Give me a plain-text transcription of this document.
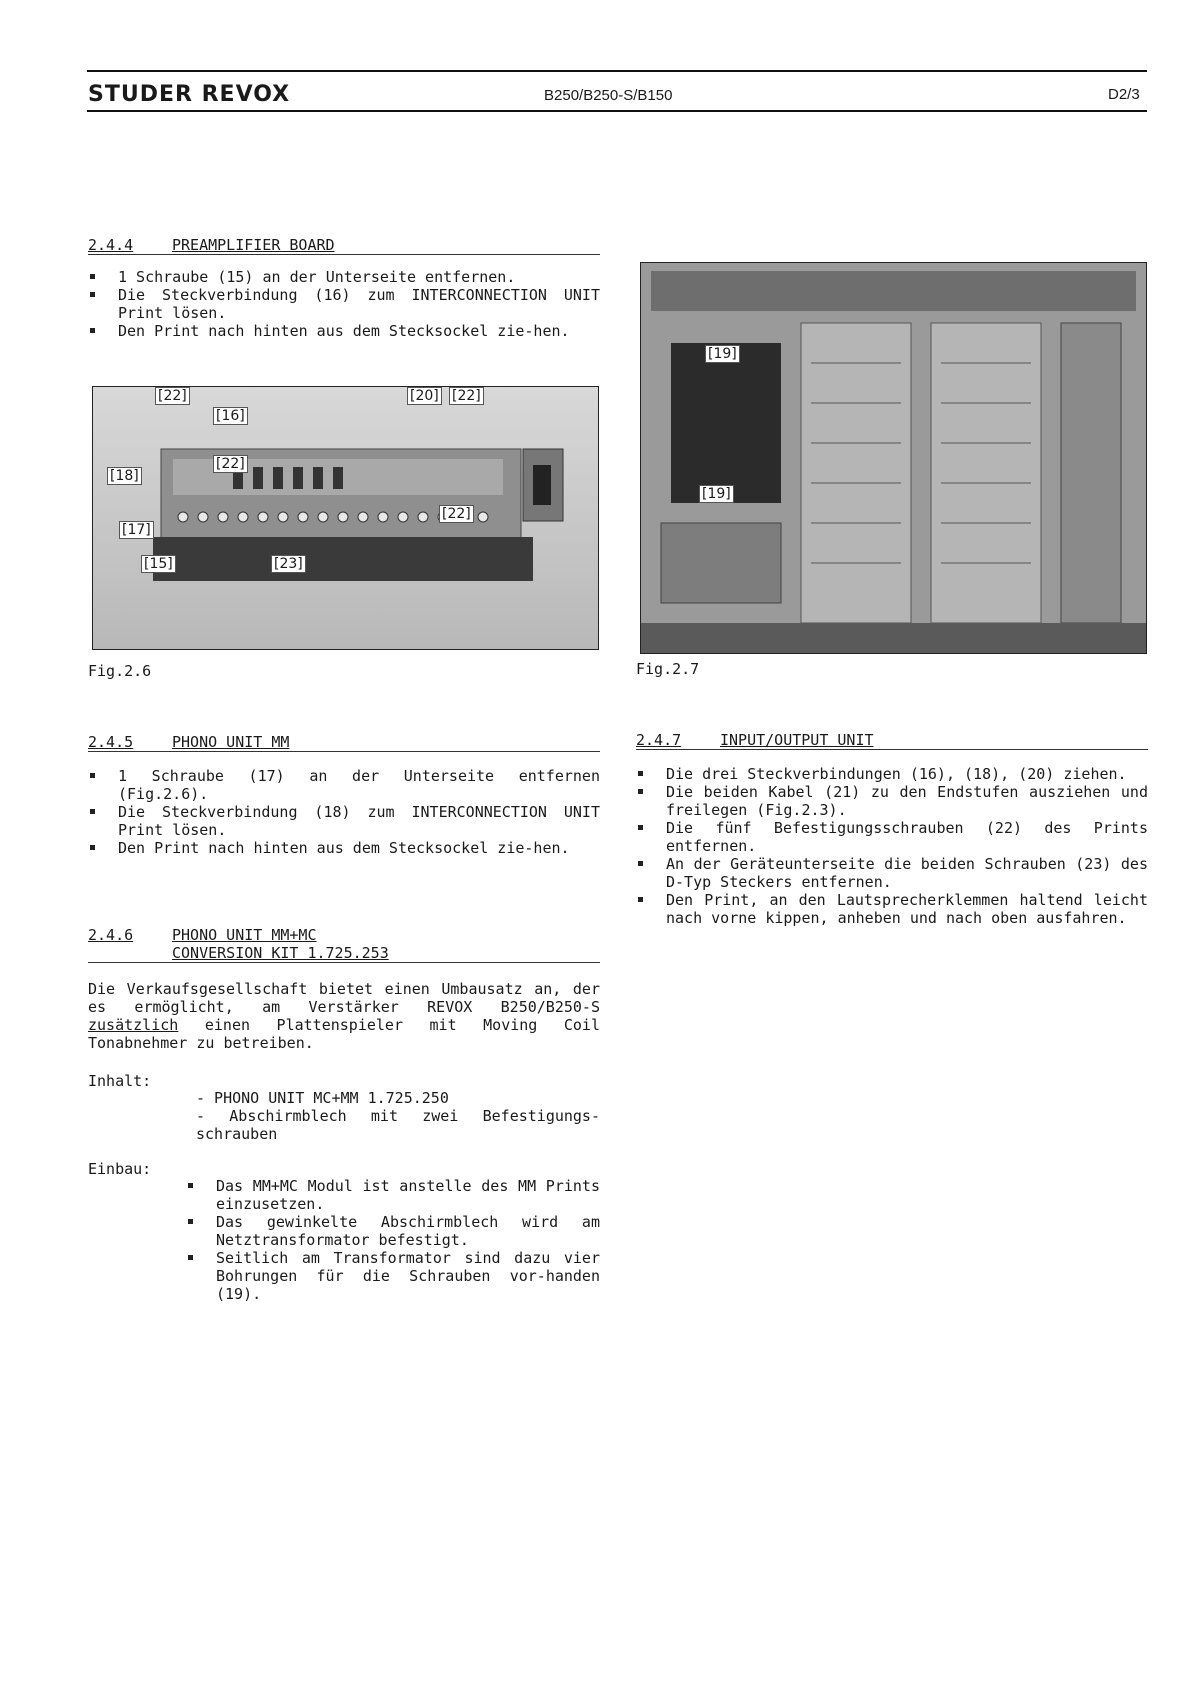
STUDER REVOX	B250/B250-S/B150	D2/3
2.4.4	PREAMPLIFIER BOARD
1 Schraube (15) an der Unterseite entfernen.
Die Steckverbindung (16) zum INTERCONNECTION UNIT Print lösen.
Den Print nach hinten aus dem Stecksockel zie-hen.
[22]
[16]
[20] [22]
[22]
[18]
[22]
[17]
[15]	[23]
Fig.2.6
[19]
[19]
Fig.2.7
2.4.5	PHONO UNIT MM
1 Schraube (17) an der Unterseite entfernen (Fig.2.6).
Die Steckverbindung (18) zum INTERCONNECTION UNIT Print lösen.
Den Print nach hinten aus dem Stecksockel zie-hen.
2.4.6	PHONO UNIT MM+MC
CONVERSION KIT 1.725.253
Die Verkaufsgesellschaft bietet einen Umbausatz an, der es ermöglicht, am Verstärker REVOX B250/B250-S zusätzlich einen Plattenspieler mit Moving Coil Tonabnehmer zu betreiben.
Inhalt:
- PHONO UNIT MC+MM 1.725.250
- Abschirmblech mit zwei Befestigungs-schrauben
Einbau:
Das MM+MC Modul ist anstelle des MM Prints einzusetzen.
Das gewinkelte Abschirmblech wird am Netztransformator befestigt.
Seitlich am Transformator sind dazu vier Bohrungen für die Schrauben vor-handen (19).
2.4.7	INPUT/OUTPUT UNIT
Die drei Steckverbindungen (16), (18), (20) ziehen.
Die beiden Kabel (21) zu den Endstufen ausziehen und freilegen (Fig.2.3).
Die fünf Befestigungsschrauben (22) des Prints entfernen.
An der Geräteunterseite die beiden Schrauben (23) des D-Typ Steckers entfernen.
Den Print, an den Lautsprecherklemmen haltend leicht nach vorne kippen, anheben und nach oben ausfahren.
